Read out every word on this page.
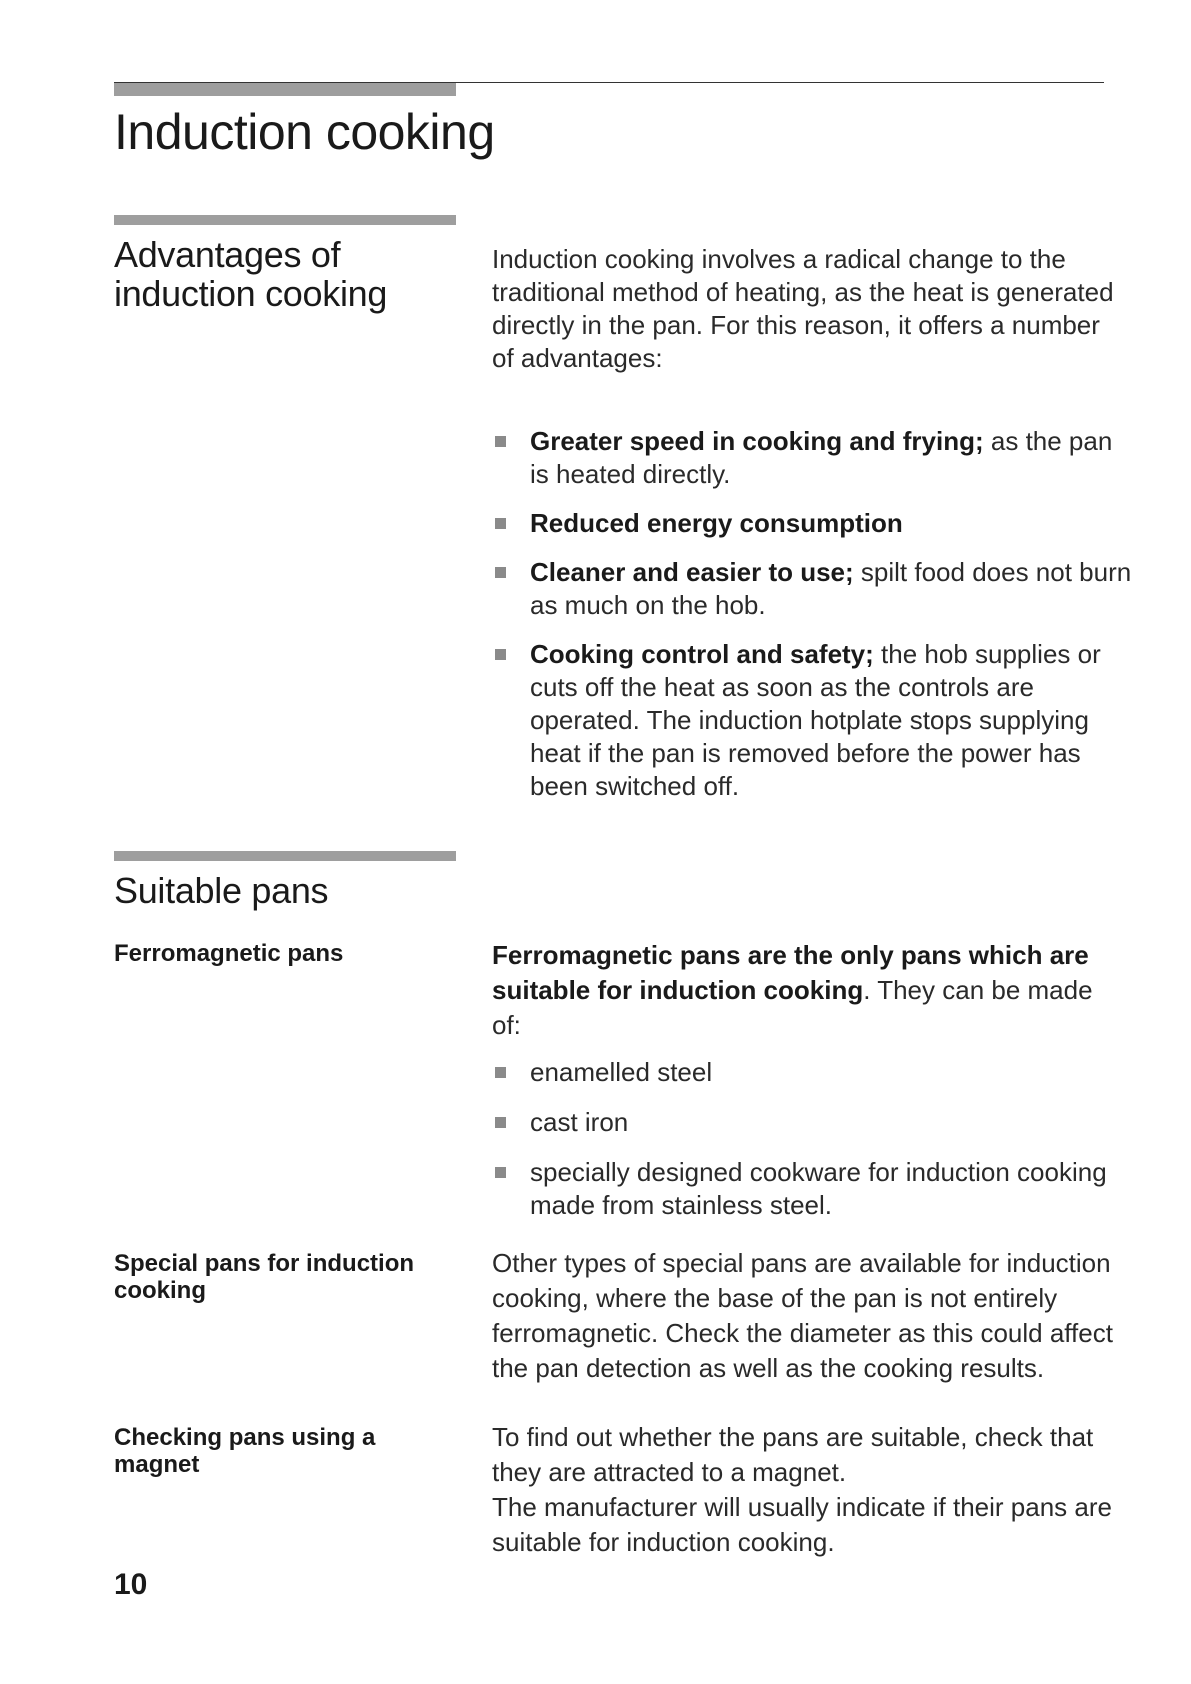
Induction cooking
Advantages of
induction cooking
Induction cooking involves a radical change to the traditional method of heating, as the heat is generated directly in the pan. For this reason, it offers a number of advantages:
Greater speed in cooking and frying; as the pan is heated directly.
Reduced energy consumption
Cleaner and easier to use; spilt food does not burn as much on the hob.
Cooking control and safety; the hob supplies or cuts off the heat as soon as the controls are operated. The induction hotplate stops supplying heat if the pan is removed before the power has been switched off.
Suitable pans
Ferromagnetic pans	Ferromagnetic pans are the only pans which are suitable for induction cooking. They can be made of:
enamelled steel
cast iron
specially designed cookware for induction cooking made from stainless steel.
Special pans for induction cooking
Other types of special pans are available for induction cooking, where the base of the pan is not entirely ferromagnetic. Check the diameter as this could affect the pan detection as well as the cooking results.
Checking pans using a magnet
To find out whether the pans are suitable, check that they are attracted to a magnet.
The manufacturer will usually indicate if their pans are suitable for induction cooking.
10
